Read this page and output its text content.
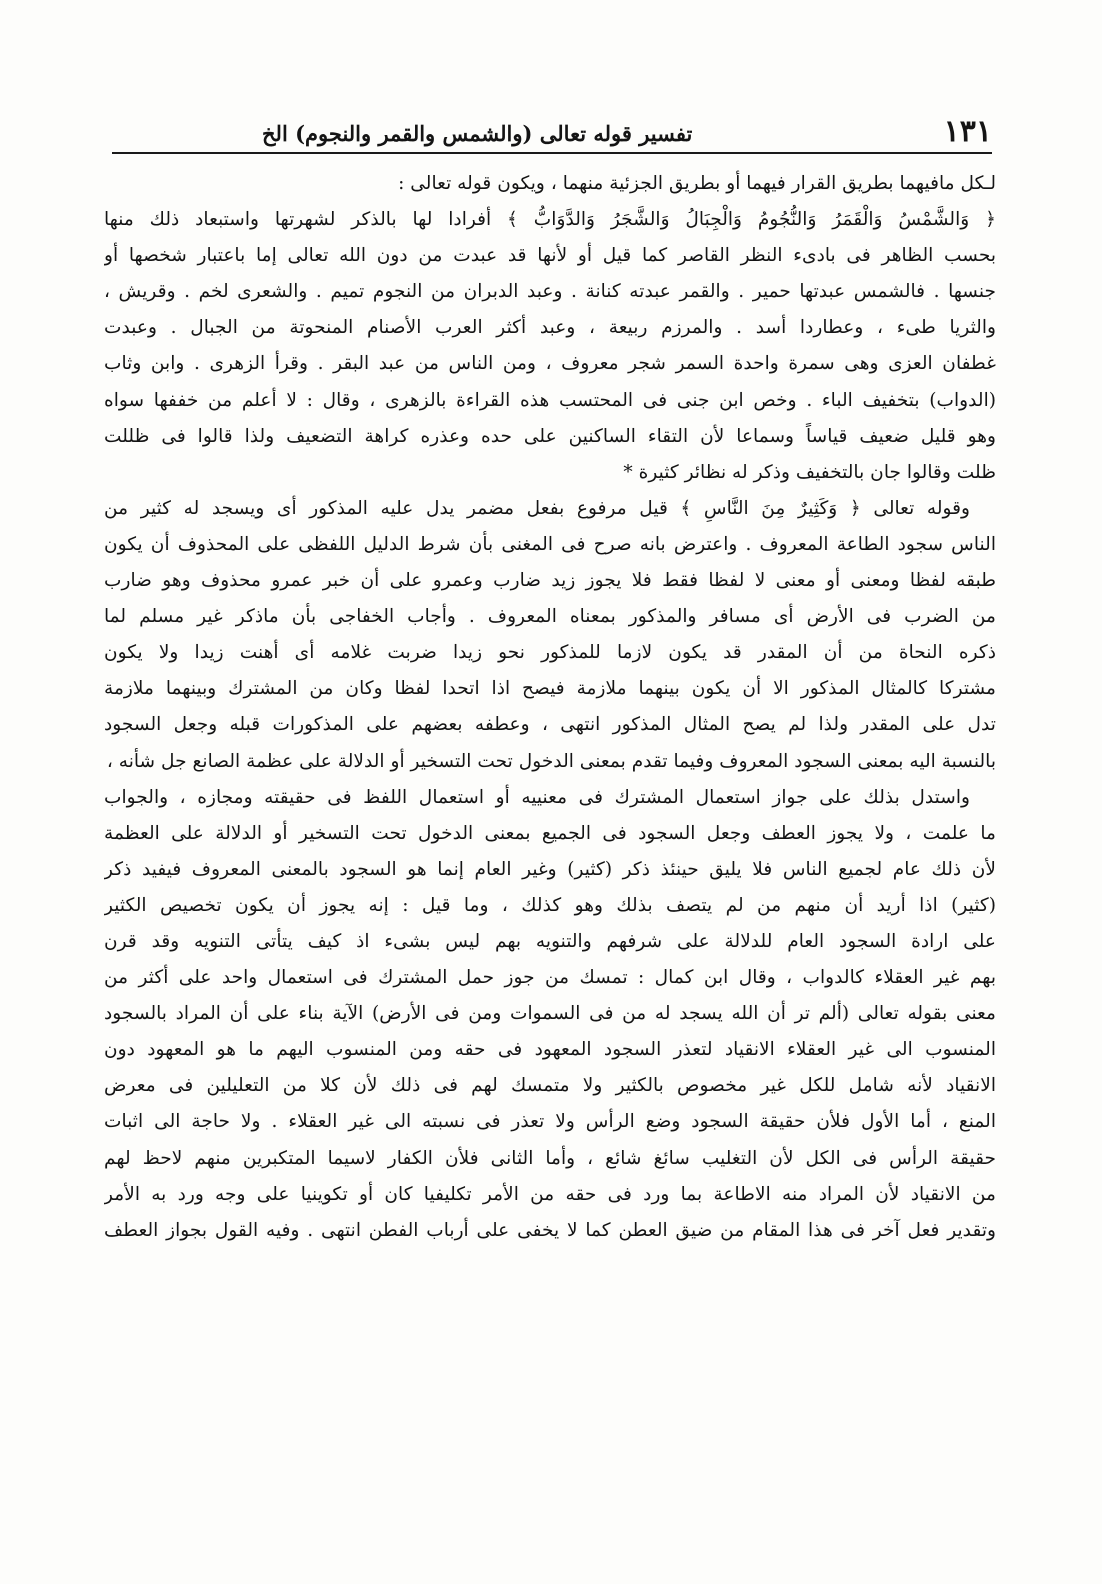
١٣١
تفسير قوله تعالى (والشمس والقمر والنجوم) الخ
لـكل مافيهما بطريق القرار فيهما أو بطريق الجزئية منهما ، ويكون قوله تعالى :
﴿ وَالشَّمْسُ وَالْقَمَرُ وَالنُّجُومُ وَالْجِبَالُ وَالشَّجَرُ وَالدَّوَابُّ ﴾ أفرادا لها بالذكر لشهرتها واستبعاد ذلك منها
بحسب الظاهر فى بادىء النظر القاصر كما قيل أو لأنها قد عبدت من دون الله تعالى إما باعتبار شخصها أو
جنسها . فالشمس عبدتها حمير . والقمر عبدته كنانة . وعبد الدبران من النجوم تميم . والشعرى لخم . وقريش ،
والثريا طىء ، وعطاردا أسد . والمرزم ربيعة ، وعبد أكثر العرب الأصنام المنحوتة من الجبال . وعبدت
غطفان العزى وهى سمرة واحدة السمر شجر معروف ، ومن الناس من عبد البقر . وقرأ الزهرى . وابن وثاب
(الدواب) بتخفيف الباء . وخص ابن جنى فى المحتسب هذه القراءة بالزهرى ، وقال : لا أعلم من خففها سواه
وهو قليل ضعيف قياساً وسماعا لأن التقاء الساكنين على حده وعذره كراهة التضعيف ولذا قالوا فى ظللت
ظلت وقالوا جان بالتخفيف وذكر له نظائر كثيرة *
وقوله تعالى ﴿ وَكَثِيرٌ مِنَ النَّاسِ ﴾ قيل مرفوع بفعل مضمر يدل عليه المذكور أى ويسجد له كثير من
الناس سجود الطاعة المعروف . واعترض بانه صرح فى المغنى بأن شرط الدليل اللفظى على المحذوف أن يكون
طبقه لفظا ومعنى أو معنى لا لفظا فقط فلا يجوز زيد ضارب وعمرو على أن خبر عمرو محذوف وهو ضارب
من الضرب فى الأرض أى مسافر والمذكور بمعناه المعروف . وأجاب الخفاجى بأن ماذكر غير مسلم لما
ذكره النحاة من أن المقدر قد يكون لازما للمذكور نحو زيدا ضربت غلامه أى أهنت زيدا ولا يكون
مشتركا كالمثال المذكور الا أن يكون بينهما ملازمة فيصح اذا اتحدا لفظا وكان من المشترك وبينهما ملازمة
تدل على المقدر ولذا لم يصح المثال المذكور انتهى ، وعطفه بعضهم على المذكورات قبله وجعل السجود
بالنسبة اليه بمعنى السجود المعروف وفيما تقدم بمعنى الدخول تحت التسخير أو الدلالة على عظمة الصانع جل شأنه ،
واستدل بذلك على جواز استعمال المشترك فى معنييه أو استعمال اللفظ فى حقيقته ومجازه ، والجواب
ما علمت ، ولا يجوز العطف وجعل السجود فى الجميع بمعنى الدخول تحت التسخير أو الدلالة على العظمة
لأن ذلك عام لجميع الناس فلا يليق حينئذ ذكر (كثير) وغير العام إنما هو السجود بالمعنى المعروف فيفيد ذكر
(كثير) اذا أريد أن منهم من لم يتصف بذلك وهو كذلك ، وما قيل : إنه يجوز أن يكون تخصيص الكثير
على ارادة السجود العام للدلالة على شرفهم والتنويه بهم ليس بشىء اذ كيف يتأتى التنويه وقد قرن
بهم غير العقلاء كالدواب ، وقال ابن كمال : تمسك من جوز حمل المشترك فى استعمال واحد على أكثر من
معنى بقوله تعالى (ألم تر أن الله يسجد له من فى السموات ومن فى الأرض) الآية بناء على أن المراد بالسجود
المنسوب الى غير العقلاء الانقياد لتعذر السجود المعهود فى حقه ومن المنسوب اليهم ما هو المعهود دون
الانقياد لأنه شامل للكل غير مخصوص بالكثير ولا متمسك لهم فى ذلك لأن كلا من التعليلين فى معرض
المنع ، أما الأول فلأن حقيقة السجود وضع الرأس ولا تعذر فى نسبته الى غير العقلاء . ولا حاجة الى اثبات
حقيقة الرأس فى الكل لأن التغليب سائغ شائع ، وأما الثانى فلأن الكفار لاسيما المتكبرين منهم لاحظ لهم
من الانقياد لأن المراد منه الاطاعة بما ورد فى حقه من الأمر تكليفيا كان أو تكوينيا على وجه ورد به الأمر
وتقدير فعل آخر فى هذا المقام من ضيق العطن كما لا يخفى على أرباب الفطن انتهى . وفيه القول بجواز العطف
